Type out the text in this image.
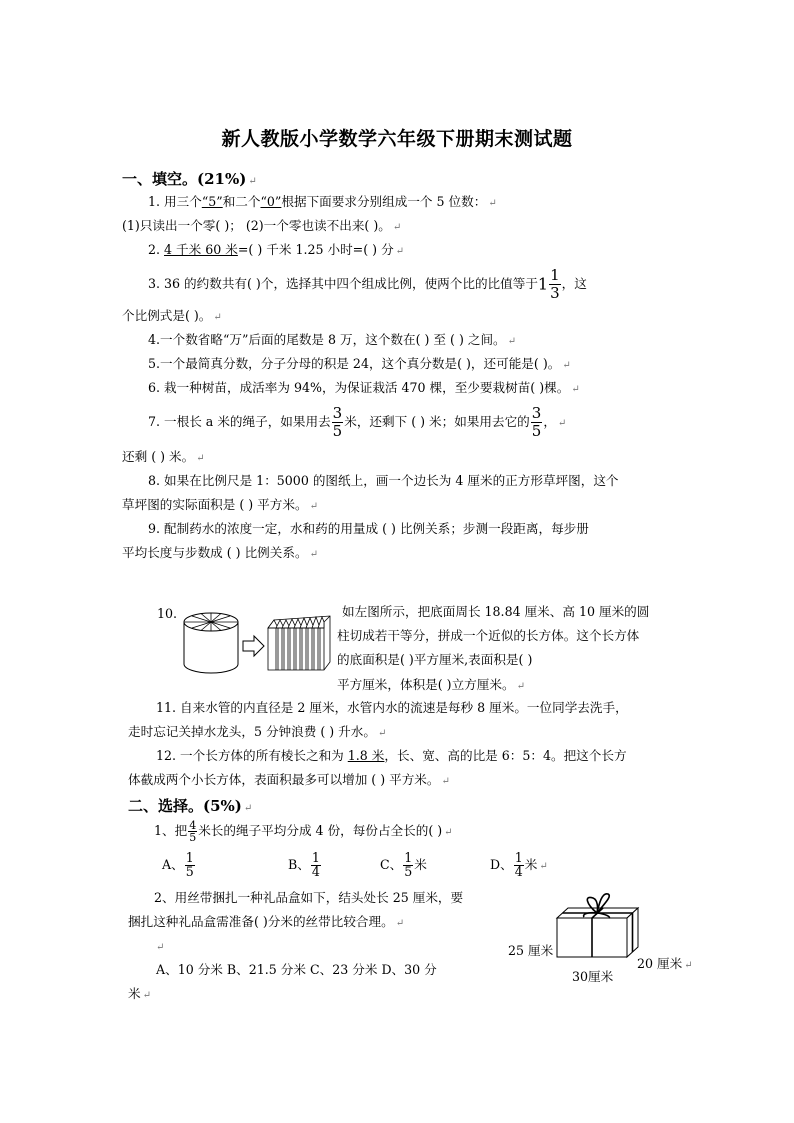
新人教版小学数学六年级下册期末测试题
一、填空。(21%) ↵
1. 用三个“5”和二个“0”根据下面要求分别组成一个 5 位数： ↵
(1)只读出一个零( )； (2)一个零也读不出来( )。 ↵
2. 4 千米 60 米=( ) 千米 1.25 小时=( ) 分 ↵
3. 36 的约数共有( )个，选择其中四个组成比例，使两个比的比值等于$1 \frac{1}{3}$ ，这
个比例式是( )。 ↵
4.一个数省略“万”后面的尾数是 8 万，这个数在( ) 至 ( ) 之间。 ↵
5.一个最简真分数，分子分母的积是 24，这个真分数是( )，还可能是( )。 ↵
6. 栽一种树苗，成活率为 94%，为保证栽活 470 棵，至少要栽树苗( )棵。 ↵
7. 一根长 a 米的绳子，如果用去 $\frac{3}{5}$ 米，还剩下 ( ) 米；如果用去它的 $\frac{3}{5}$ ， ↵
还剩 ( ) 米。 ↵
8. 如果在比例尺是 1：5000 的图纸上，画一个边长为 4 厘米的正方形草坪图，这个
草坪图的实际面积是 ( ) 平方米。 ↵
9. 配制药水的浓度一定，水和药的用量成 ( ) 比例关系；步测一段距离，每步册
平均长度与步数成 ( ) 比例关系。 ↵
10.	如左图所示，把底面周长 18.84 厘米、高 10 厘米的圆
柱切成若干等分，拼成一个近似的长方体。这个长方体
的底面积是( )平方厘米,表面积是( )
平方厘米，体积是( )立方厘米。 ↵
11. 自来水管的内直径是 2 厘米，水管内水的流速是每秒 8 厘米。一位同学去洗手，
走时忘记关掉水龙头，5 分钟浪费 ( ) 升水。 ↵
12. 一个长方体的所有棱长之和为 1.8 米，长、宽、高的比是 6：5：4。把这个长方
体截成两个小长方体，表面积最多可以增加 ( ) 平方米。 ↵
二、选择。(5%) ↵
1、把 $\frac{4}{5}$ 米长的绳子平均分成 4 份，每份占全长的( ) ↵
A、 $\frac{1}{5}$	B、 $\frac{1}{4}$	C、 $\frac{1}{5}$ 米	D、 $\frac{1}{4}$ 米 ↵
2、用丝带捆扎一种礼品盒如下，结头处长 25 厘米，要
捆扎这种礼品盒需准备( )分米的丝带比较合理。 ↵
↵
A、10 分米 B、21.5 分米 C、23 分米 D、30 分
米 ↵
25 厘米
30厘米
20 厘米 ↵
